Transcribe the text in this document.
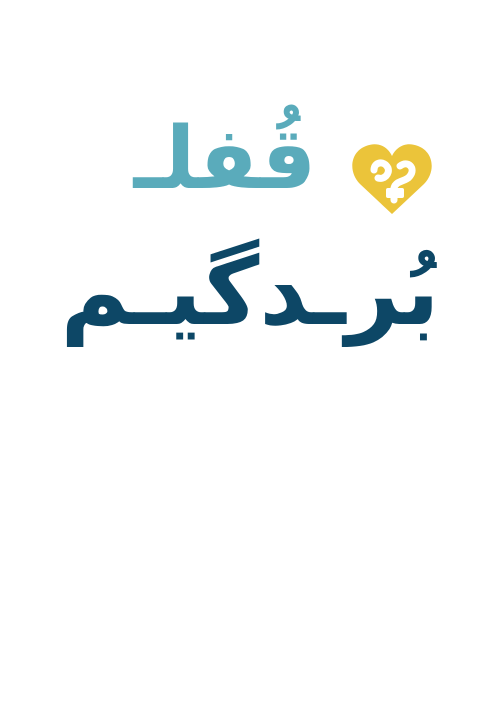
قُفلـ
بُرـدگیـم
